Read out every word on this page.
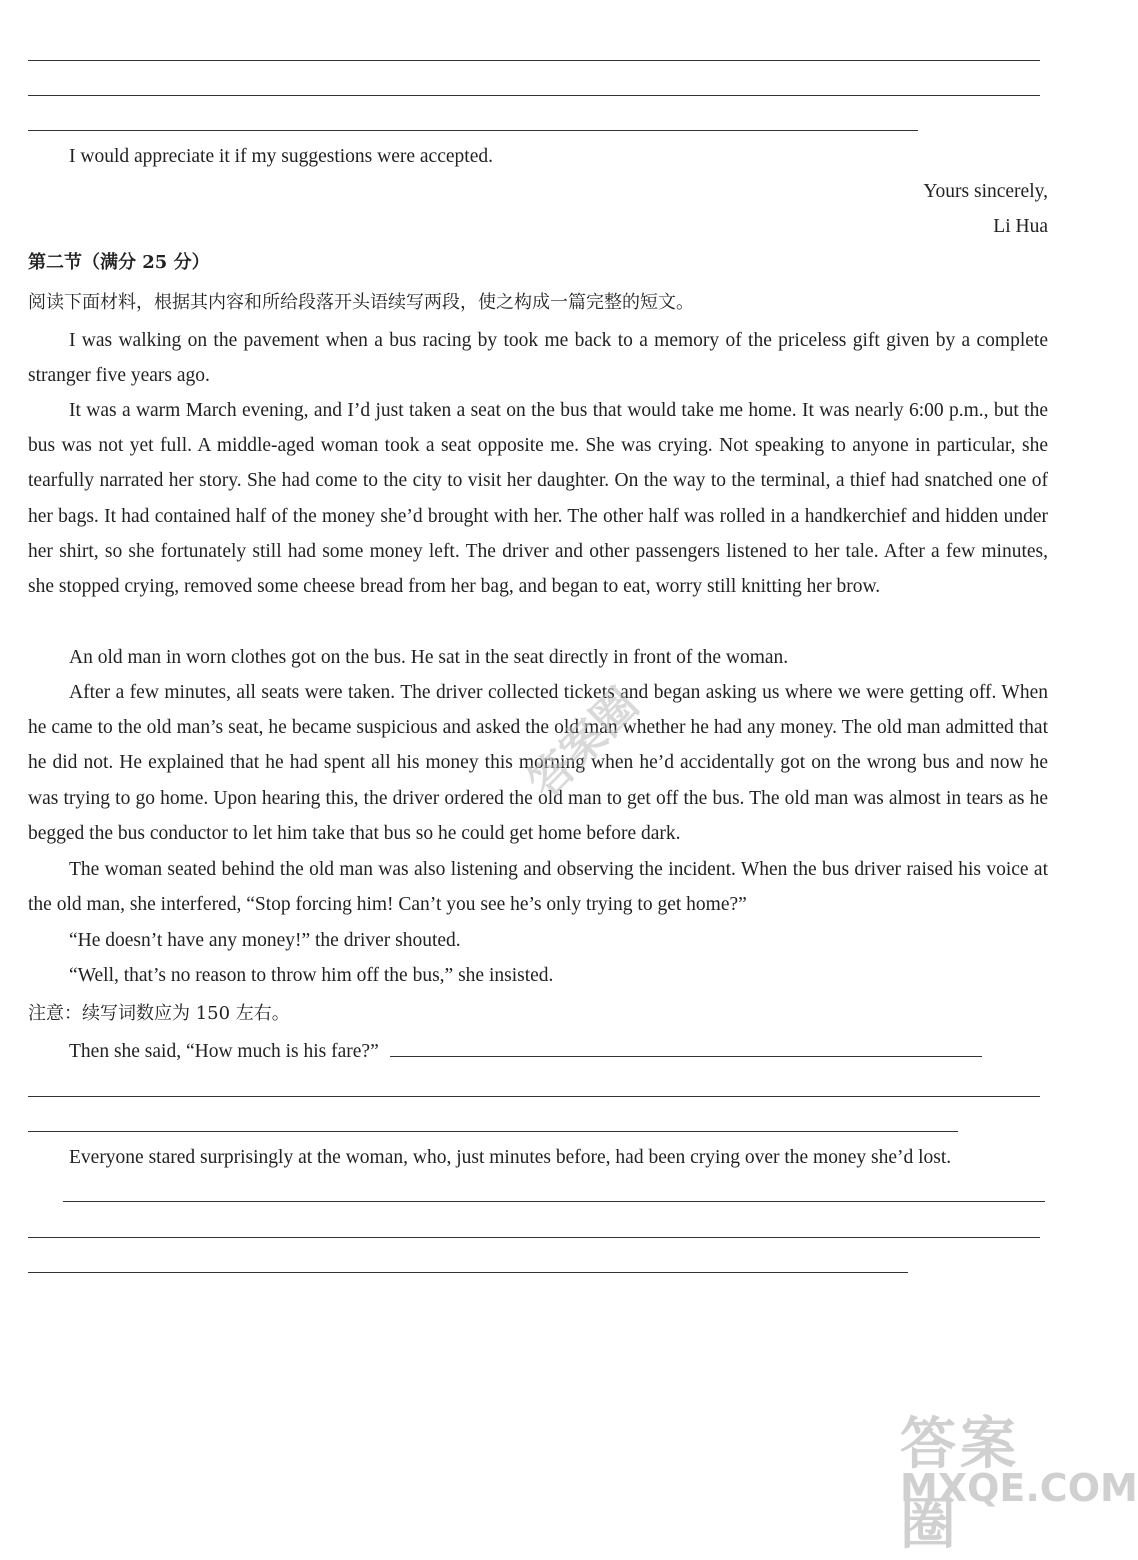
I would appreciate it if my suggestions were accepted.
Yours sincerely,
Li Hua
第二节（满分 25 分）
阅读下面材料，根据其内容和所给段落开头语续写两段，使之构成一篇完整的短文。

I was walking on the pavement when a bus racing by took me back to a memory of the priceless gift given by a complete stranger five years ago.

It was a warm March evening, and I’d just taken a seat on the bus that would take me home. It was nearly 6:00 p.m., but the bus was not yet full. A middle-aged woman took a seat opposite me. She was crying. Not speaking to anyone in particular, she tearfully narrated her story. She had come to the city to visit her daughter. On the way to the terminal, a thief had snatched one of her bags. It had contained half of the money she’d brought with her. The other half was rolled in a handkerchief and hidden under her shirt, so she fortunately still had some money left. The driver and other passengers listened to her tale. After a few minutes, she stopped crying, removed some cheese bread from her bag, and began to eat, worry still knitting her brow.

An old man in worn clothes got on the bus. He sat in the seat directly in front of the woman.

After a few minutes, all seats were taken. The driver collected tickets and began asking us where we were getting off. When he came to the old man’s seat, he became suspicious and asked the old man whether he had any money. The old man admitted that he did not. He explained that he had spent all his money this morning when he’d accidentally got on the wrong bus and now he was trying to go home. Upon hearing this, the driver ordered the old man to get off the bus. The old man was almost in tears as he begged the bus conductor to let him take that bus so he could get home before dark.

The woman seated behind the old man was also listening and observing the incident. When the bus driver raised his voice at the old man, she interfered, “Stop forcing him! Can’t you see he’s only trying to get home?”

“He doesn’t have any money!” the driver shouted.

“Well, that’s no reason to throw him off the bus,” she insisted.

注意：续写词数应为 150 左右。
Then she said, “How much is his fare?”

Everyone stared surprisingly at the woman, who, just minutes before, had been crying over the money she’d lost.

答案圈
答案圈
MXQE.COM
